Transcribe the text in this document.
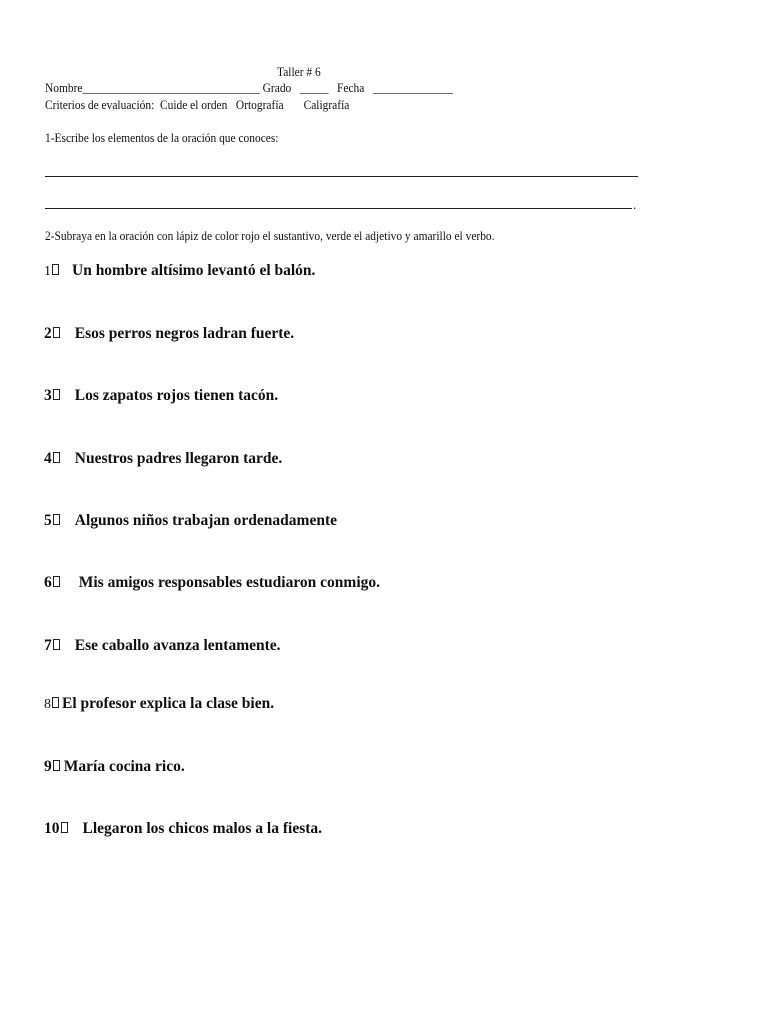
Taller # 6
Nombre_______________________________ Grado   _____   Fecha   ______________
Criterios de evaluación:  Cuide el orden   Ortografía       Caligrafía
1-Escribe los elementos de la oración que conoces:
.
2-Subraya en la oración con lápiz de color rojo el sustantivo, verde el adjetivo y amarillo el verbo.
1 Un hombre altísimo levantó el balón.
2 Esos perros negros ladran fuerte.
3 Los zapatos rojos tienen tacón.
4 Nuestros padres llegaron tarde.
5 Algunos niños trabajan ordenadamente
6 Mis amigos responsables estudiaron conmigo.
7 Ese caballo avanza lentamente.
8 El profesor explica la clase bien.
9 María cocina rico.
10 Llegaron los chicos malos a la fiesta.
